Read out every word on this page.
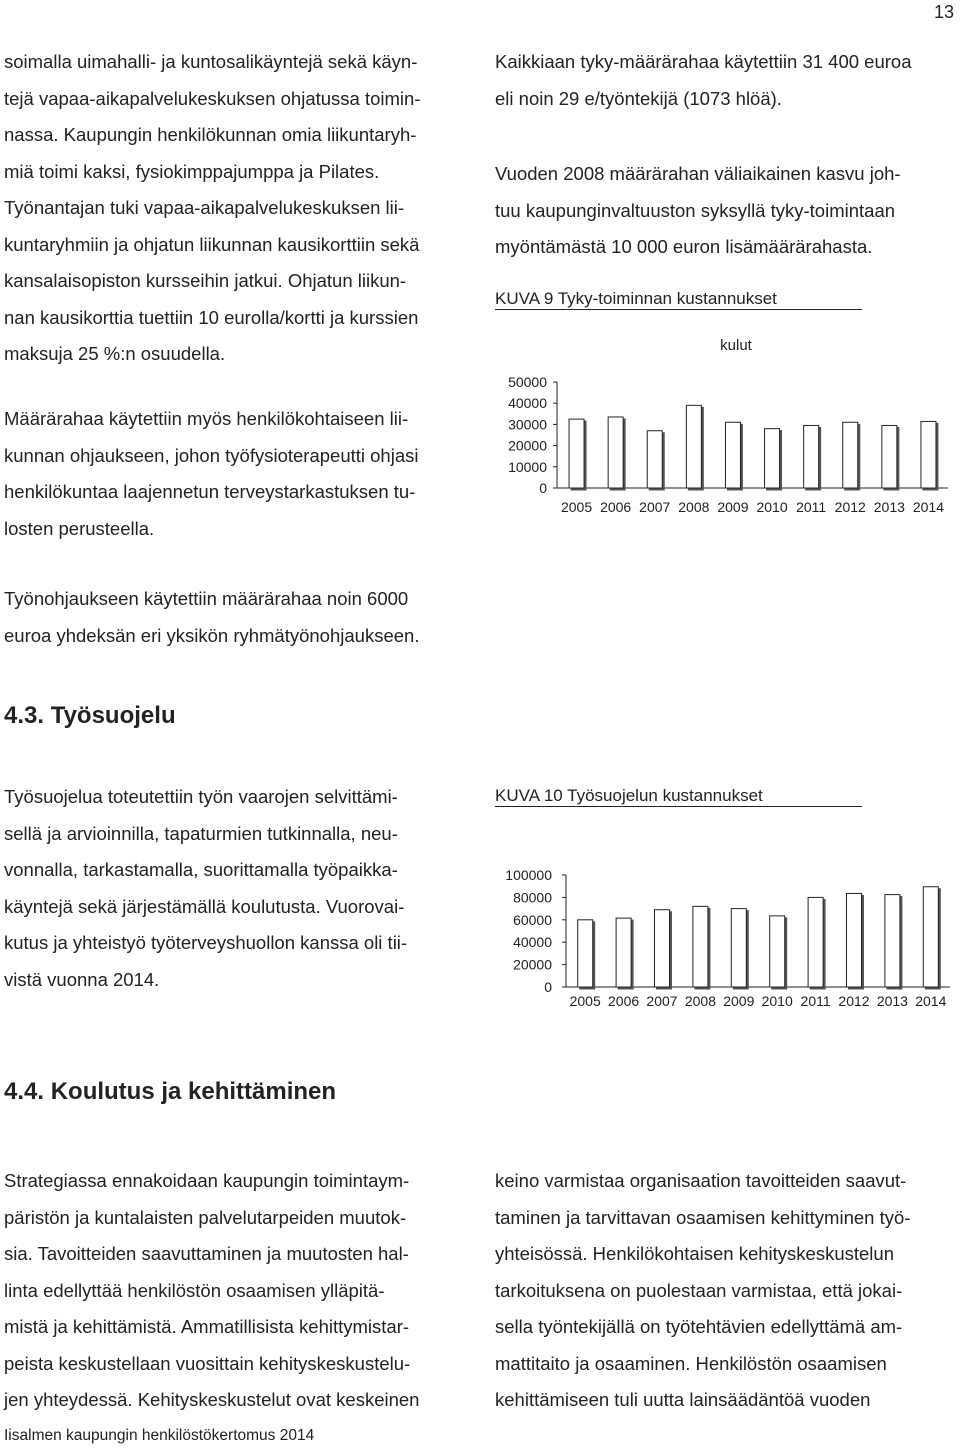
13
soimalla uimahalli- ja kuntosalikäyntejä sekä käyn-
tejä vapaa-aikapalvelukeskuksen ohjatussa toimin-
nassa. Kaupungin henkilökunnan omia liikuntaryh-
miä toimi kaksi, fysiokimppajumppa ja Pilates.
Työnantajan tuki vapaa-aikapalvelukeskuksen lii-
kuntaryhmiin ja ohjatun liikunnan kausikorttiin sekä
kansalaisopiston kursseihin jatkui. Ohjatun liikun-
nan kausikorttia tuettiin 10 eurolla/kortti ja kurssien
maksuja 25 %:n osuudella.
Määrärahaa käytettiin myös henkilökohtaiseen lii-
kunnan ohjaukseen, johon työfysioterapeutti ohjasi
henkilökuntaa laajennetun terveystarkastuksen tu-
losten perusteella.
Kaikkiaan tyky-määrärahaa käytettiin 31 400 euroa
eli noin 29 e/työntekijä (1073 hlöä).
Vuoden 2008 määrärahan väliaikainen kasvu joh-
tuu kaupunginvaltuuston syksyllä tyky-toimintaan
myöntämästä 10 000 euron lisämäärärahasta.
KUVA 9 Tyky-toiminnan kustannukset
kulut
0
10000
20000
30000
40000
50000
2005 2006 2007 2008 2009 2010 2011 2012 2013 2014
Työnohjaukseen käytettiin määrärahaa noin 6000
euroa yhdeksän eri yksikön ryhmätyönohjaukseen.
4.3. Työsuojelu
Työsuojelua toteutettiin työn vaarojen selvittämi-
sellä ja arvioinnilla, tapaturmien tutkinnalla, neu-
vonnalla, tarkastamalla, suorittamalla työpaikka-
käyntejä sekä järjestämällä koulutusta. Vuorovai-
kutus ja yhteistyö työterveyshuollon kanssa oli tii-
vistä vuonna 2014.
KUVA 10 Työsuojelun kustannukset
0
20000
40000
60000
80000
100000
2005 2006 2007 2008 2009 2010 2011 2012 2013 2014
4.4. Koulutus ja kehittäminen
Strategiassa ennakoidaan kaupungin toimintaym-
päristön ja kuntalaisten palvelutarpeiden muutok-
sia. Tavoitteiden saavuttaminen ja muutosten hal-
linta edellyttää henkilöstön osaamisen ylläpitä-
mistä ja kehittämistä. Ammatillisista kehittymistar-
peista keskustellaan vuosittain kehityskeskustelu-
jen yhteydessä. Kehityskeskustelut ovat keskeinen
keino varmistaa organisaation tavoitteiden saavut-
taminen ja tarvittavan osaamisen kehittyminen työ-
yhteisössä. Henkilökohtaisen kehityskeskustelun
tarkoituksena on puolestaan varmistaa, että jokai-
sella työntekijällä on työtehtävien edellyttämä am-
mattitaito ja osaaminen. Henkilöstön osaamisen
kehittämiseen tuli uutta lainsäädäntöä vuoden
Iisalmen kaupungin henkilöstökertomus 2014
